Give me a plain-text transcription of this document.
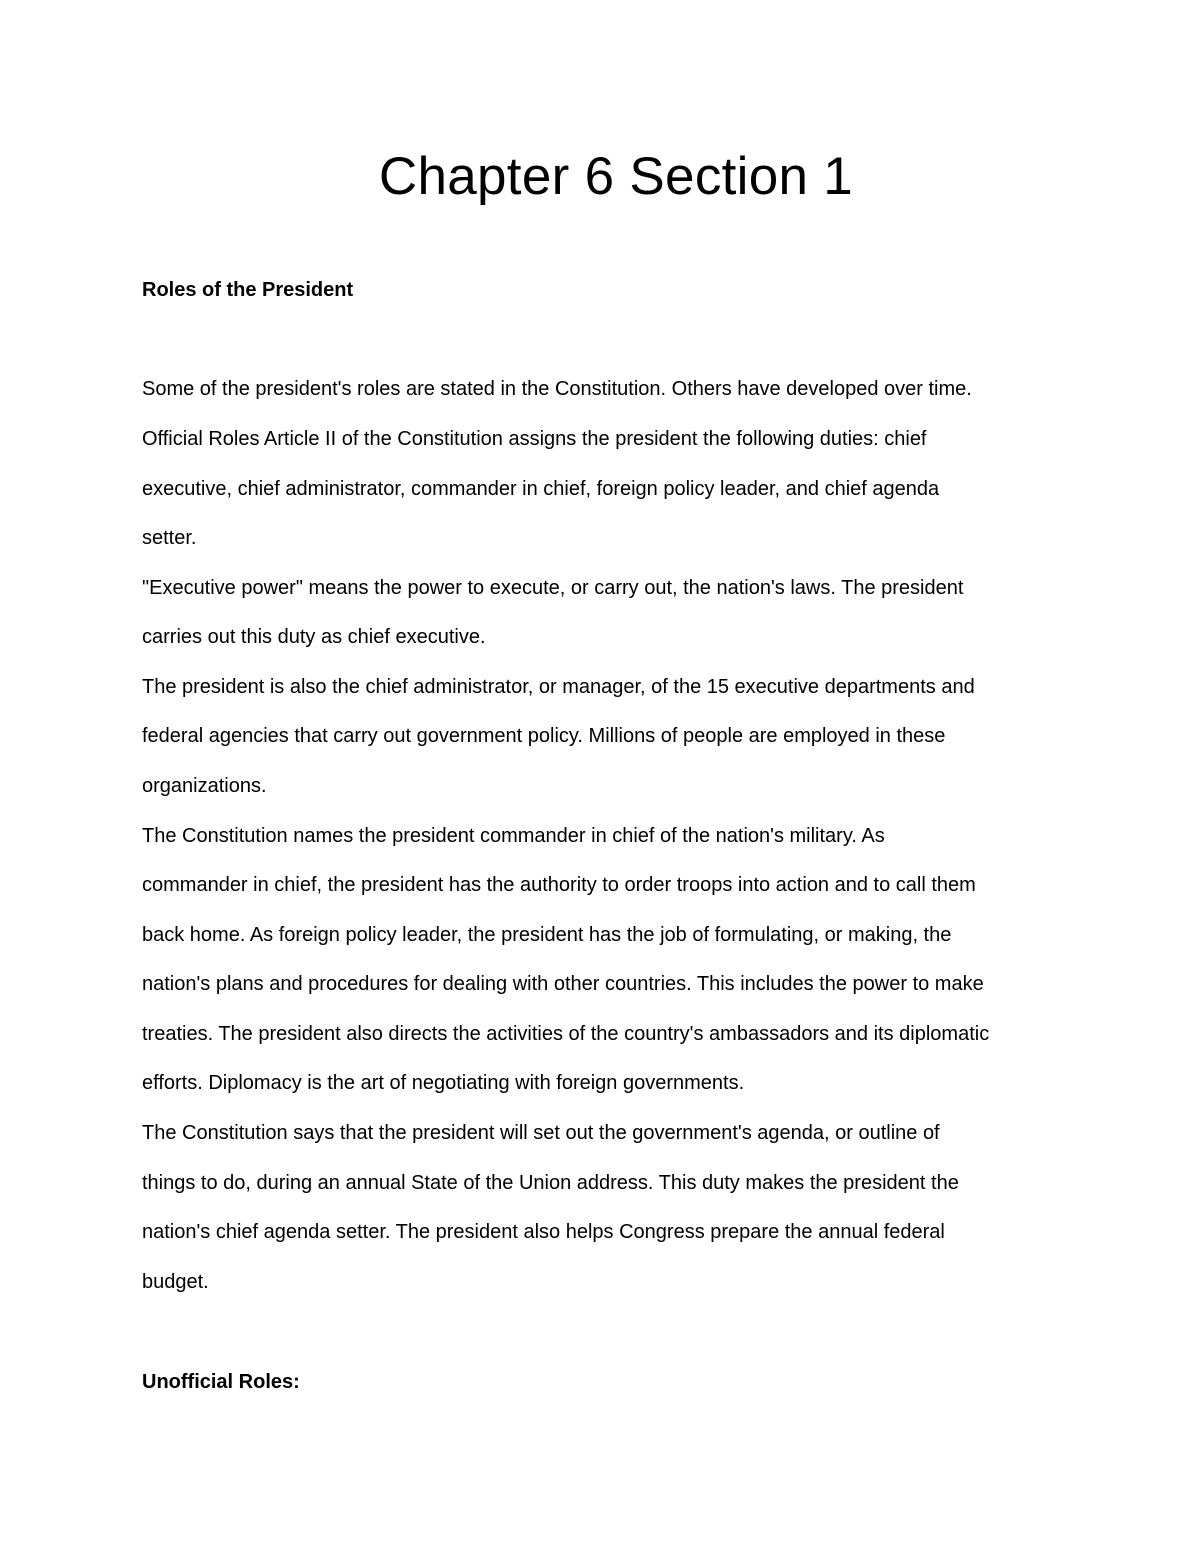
Chapter 6 Section 1
Roles of the President

Some of the president's roles are stated in the Constitution. Others have developed over time.

Official Roles Article II of the Constitution assigns the president the following duties: chief

executive, chief administrator, commander in chief, foreign policy leader, and chief agenda

setter.

"Executive power" means the power to execute, or carry out, the nation's laws. The president

carries out this duty as chief executive.

The president is also the chief administrator, or manager, of the 15 executive departments and

federal agencies that carry out government policy. Millions of people are employed in these

organizations.

The Constitution names the president commander in chief of the nation's military. As

commander in chief, the president has the authority to order troops into action and to call them

back home. As foreign policy leader, the president has the job of formulating, or making, the

nation's plans and procedures for dealing with other countries. This includes the power to make

treaties. The president also directs the activities of the country's ambassadors and its diplomatic

efforts. Diplomacy is the art of negotiating with foreign governments.

The Constitution says that the president will set out the government's agenda, or outline of

things to do, during an annual State of the Union address. This duty makes the president the

nation's chief agenda setter. The president also helps Congress prepare the annual federal

budget.

Unofficial Roles:
